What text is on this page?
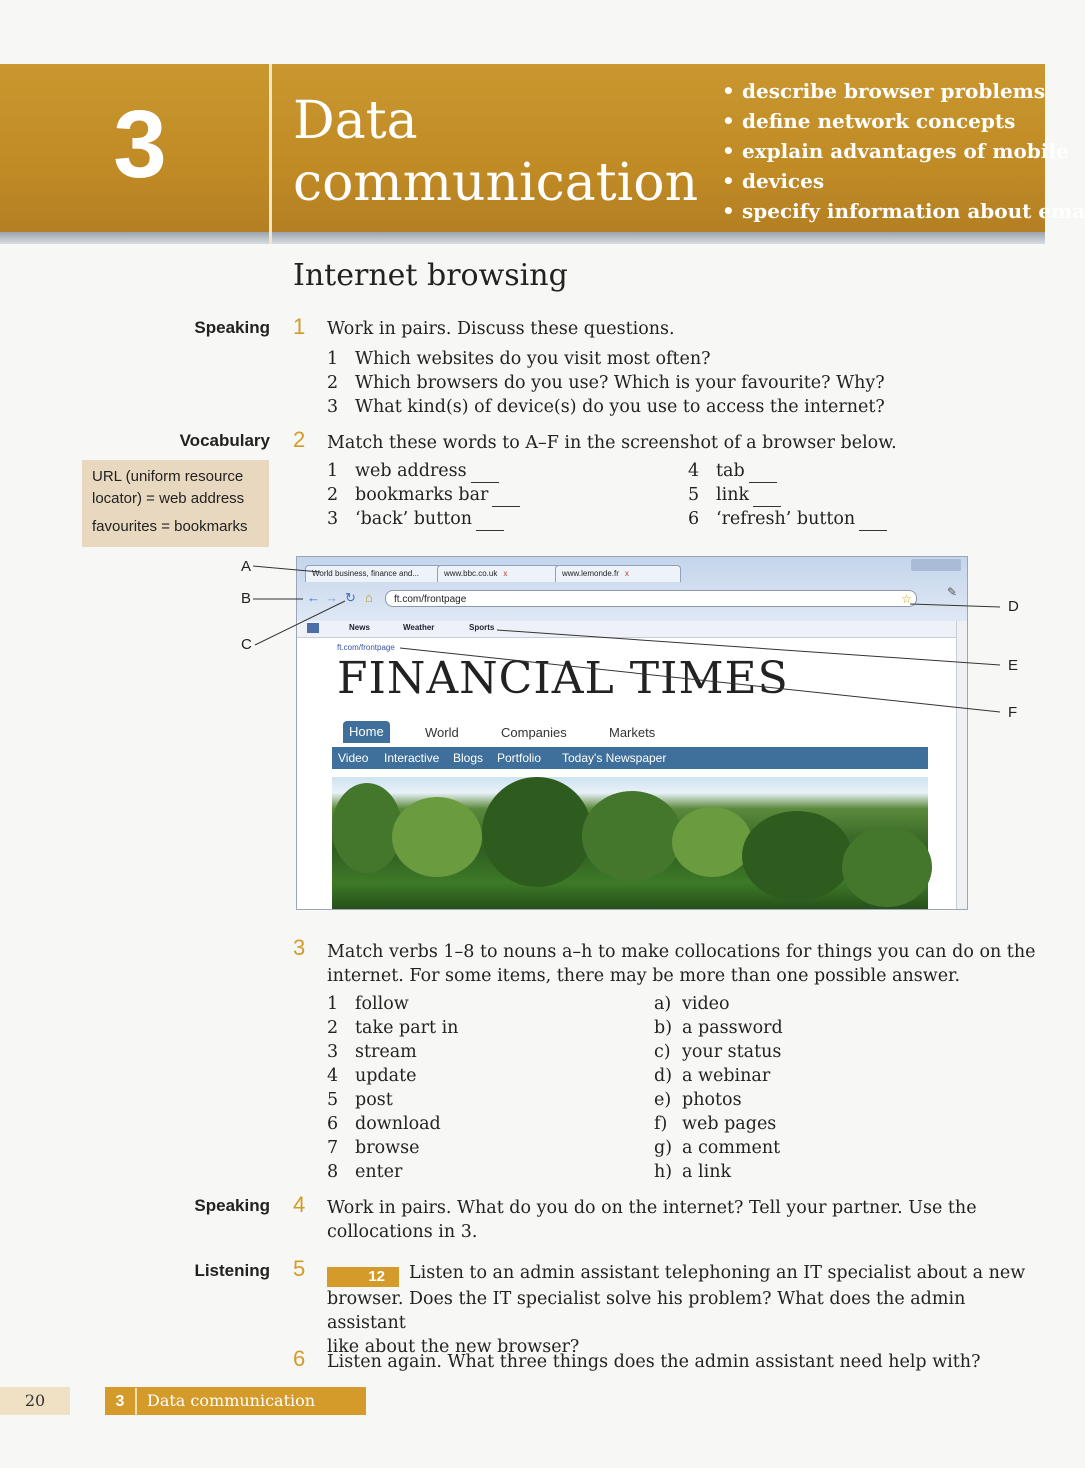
3	Data
communication
• describe browser problems
• define network concepts
• explain advantages of mobile
• devices
• specify information about ema
Internet browsing
Speaking 1 Work in pairs. Discuss these questions.
1 Which websites do you visit most often?
2 Which browsers do you use? Which is your favourite? Why?
3 What kind(s) of device(s) do you use to access the internet?
Vocabulary

URL (uniform resource locator) = web address

favourites = bookmarks

2 Match these words to A–F in the screenshot of a browser below.
1 web address
2 bookmarks bar
3 ‘back’ button
4 tab
5 link
6 ‘refresh’ button
World business, finance and...	www.bbc.co.uk x	www.lemonde.fr x
← → ↻ ⌂	ft.com/frontpage	☆	✎
News	Weather	Sports
ft.com/frontpage
FINANCIAL TIMES
Home	World	Companies	Markets
Video Interactive Blogs Portfolio Today's Newspaper
A
B
C
D
E
F
3 Match verbs 1–8 to nouns a–h to make collocations for things you can do on the
internet. For some items, there may be more than one possible answer.
1 follow
2 take part in
3 stream
4 update
5 post
6 download
7 browse
8 enter
a) video
b) a password
c) your status
d) a webinar
e) photos
f) web pages
g) a comment
h) a link
Speaking 4 Work in pairs. What do you do on the internet? Tell your partner. Use the
collocations in 3.
Listening 5	12 Listen to an admin assistant telephoning an IT specialist about a new
browser. Does the IT specialist solve his problem? What does the admin assistant
like about the new browser?
6 Listen again. What three things does the admin assistant need help with?
20	3 Data communication
